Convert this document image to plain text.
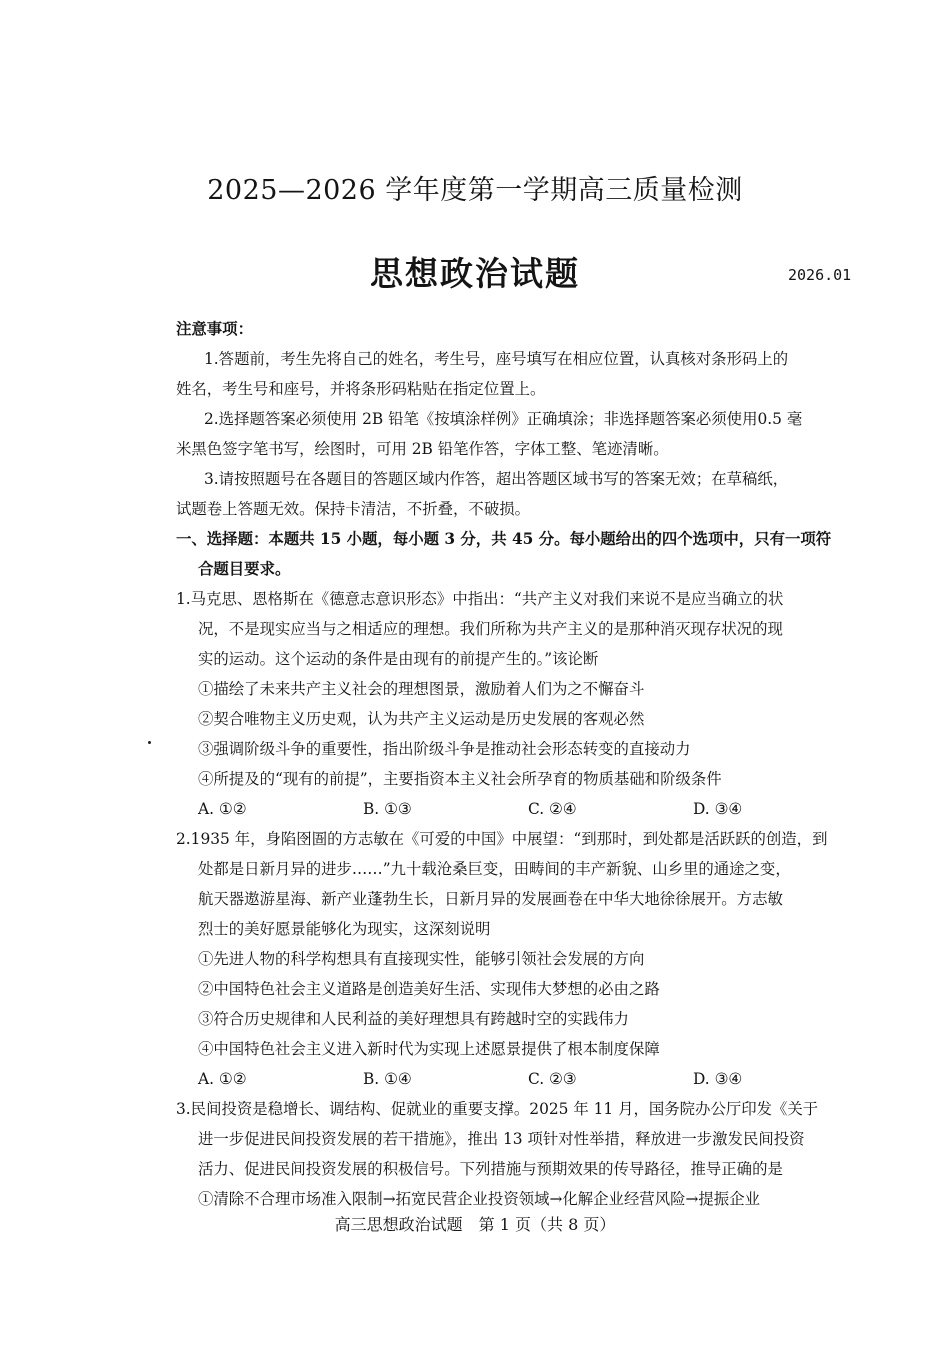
2025—2026 学年度第一学期高三质量检测
思想政治试题	2026.01
注意事项：
1.答题前，考生先将自己的姓名，考生号，座号填写在相应位置，认真核对条形码上的
姓名，考生号和座号，并将条形码粘贴在指定位置上。
2.选择题答案必须使用 2B 铅笔《按填涂样例》正确填涂；非选择题答案必须使用0.5 毫
米黑色签字笔书写，绘图时，可用 2B 铅笔作答，字体工整、笔迹清晰。
3.请按照题号在各题目的答题区域内作答，超出答题区域书写的答案无效；在草稿纸，
试题卷上答题无效。保持卡清洁，不折叠，不破损。
一、选择题：本题共 15 小题，每小题 3 分，共 45 分。每小题给出的四个选项中，只有一项符
合题目要求。
1.马克思、恩格斯在《德意志意识形态》中指出：“共产主义对我们来说不是应当确立的状
况，不是现实应当与之相适应的理想。我们所称为共产主义的是那种消灭现存状况的现
实的运动。这个运动的条件是由现有的前提产生的。”该论断
①描绘了未来共产主义社会的理想图景，激励着人们为之不懈奋斗
②契合唯物主义历史观，认为共产主义运动是历史发展的客观必然
③强调阶级斗争的重要性，指出阶级斗争是推动社会形态转变的直接动力
④所提及的“现有的前提”，主要指资本主义社会所孕育的物质基础和阶级条件
A. ①②	B. ①③	C. ②④	D. ③④
2.1935 年，身陷囹圄的方志敏在《可爱的中国》中展望：“到那时，到处都是活跃跃的创造，到
处都是日新月异的进步……”九十载沧桑巨变，田畴间的丰产新貌、山乡里的通途之变，
航天器遨游星海、新产业蓬勃生长，日新月异的发展画卷在中华大地徐徐展开。方志敏
烈士的美好愿景能够化为现实，这深刻说明
①先进人物的科学构想具有直接现实性，能够引领社会发展的方向
②中国特色社会主义道路是创造美好生活、实现伟大梦想的必由之路
③符合历史规律和人民利益的美好理想具有跨越时空的实践伟力
④中国特色社会主义进入新时代为实现上述愿景提供了根本制度保障
A. ①②	B. ①④	C. ②③	D. ③④
3.民间投资是稳增长、调结构、促就业的重要支撑。2025 年 11 月，国务院办公厅印发《关于
进一步促进民间投资发展的若干措施》，推出 13 项针对性举措，释放进一步激发民间投资
活力、促进民间投资发展的积极信号。下列措施与预期效果的传导路径，推导正确的是
①清除不合理市场准入限制→拓宽民营企业投资领域→化解企业经营风险→提振企业
高三思想政治试题　第 1 页（共 8 页）
